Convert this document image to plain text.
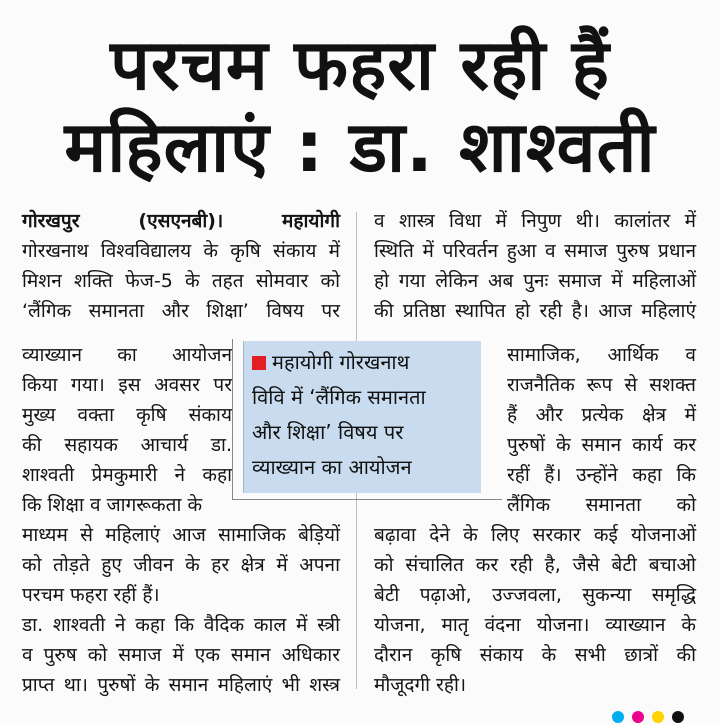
परचम फहरा रही हैं
महिलाएं : डा. शाश्वती
गोरखपुर (एसएनबी)। महायोगी
गोरखनाथ विश्वविद्यालय के कृषि संकाय में
मिशन शक्ति फेज-5 के तहत सोमवार को
‘लैंगिक समानता और शिक्षा’ विषय पर
व्याख्यान का आयोजन
किया गया। इस अवसर पर
मुख्य वक्ता कृषि संकाय
की सहायक आचार्य डा.
शाश्वती प्रेमकुमारी ने कहा
कि शिक्षा व जागरूकता के
माध्यम से महिलाएं आज सामाजिक बेड़ियों
को तोड़ते हुए जीवन के हर क्षेत्र में अपना
परचम फहरा रहीं हैं।
डा. शाश्वती ने कहा कि वैदिक काल में स्त्री
व पुरुष को समाज में एक समान अधिकार
प्राप्त था। पुरुषों के समान महिलाएं भी शस्त्र
व शास्त्र विधा में निपुण थी। कालांतर में
स्थिति में परिवर्तन हुआ व समाज पुरुष प्रधान
हो गया लेकिन अब पुनः समाज में महिलाओं
की प्रतिष्ठा स्थापित हो रही है। आज महिलाएं
सामाजिक, आर्थिक व
राजनैतिक रूप से सशक्त
हैं और प्रत्येक क्षेत्र में
पुरुषों के समान कार्य कर
रहीं हैं। उन्होंने कहा कि
लैंगिक समानता को
बढ़ावा देने के लिए सरकार कई योजनाओं
को संचालित कर रही है, जैसे बेटी बचाओ
बेटी पढ़ाओ, उज्जवला, सुकन्या समृद्धि
योजना, मातृ वंदना योजना। व्याख्यान के
दौरान कृषि संकाय के सभी छात्रों की
मौजूदगी रही।
महायोगी गोरखनाथ
विवि में ‘लैंगिक समानता
और शिक्षा’ विषय पर
व्याख्यान का आयोजन
